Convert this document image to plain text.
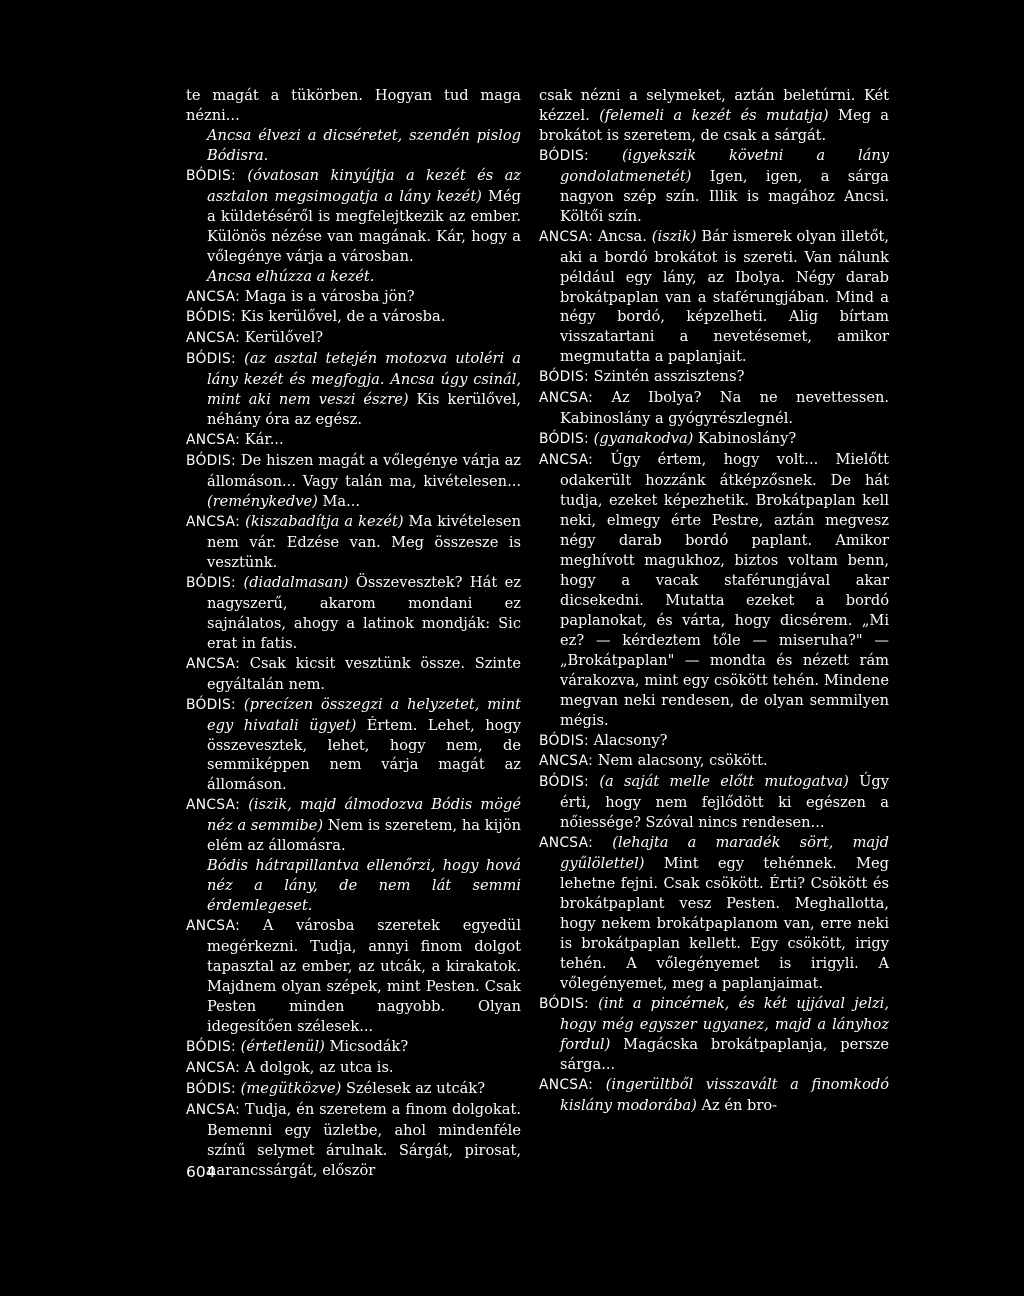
te magát a tükörben. Hogyan tud maga nézni...
Ancsa élvezi a dicséretet, szendén pislog Bódisra.
BÓDIS: (óvatosan kinyújtja a kezét és az asztalon megsimogatja a lány kezét) Még a küldetéséről is megfelejtkezik az ember. Különös nézése van magának. Kár, hogy a vőlegénye várja a városban.
Ancsa elhúzza a kezét.
ANCSA: Maga is a városba jön?
BÓDIS: Kis kerülővel, de a városba.
ANCSA: Kerülővel?
BÓDIS: (az asztal tetején motozva utoléri a lány kezét és megfogja. Ancsa úgy csinál, mint aki nem veszi észre) Kis kerülővel, néhány óra az egész.
ANCSA: Kár...
BÓDIS: De hiszen magát a vőlegénye várja az állomáson... Vagy talán ma, kivételesen... (reménykedve) Ma...
ANCSA: (kiszabadítja a kezét) Ma kivételesen nem vár. Edzése van. Meg összesze is vesztünk.
BÓDIS: (diadalmasan) Összevesztek? Hát ez nagyszerű, akarom mondani ez sajnálatos, ahogy a latinok mondják: Sic erat in fatis.
ANCSA: Csak kicsit vesztünk össze. Szinte egyáltalán nem.
BÓDIS: (precízen összegzi a helyzetet, mint egy hivatali ügyet) Értem. Lehet, hogy összevesztek, lehet, hogy nem, de semmiképpen nem várja magát az állomáson.
ANCSA: (iszik, majd álmodozva Bódis mögé néz a semmibe) Nem is szeretem, ha kijön elém az állomásra.
Bódis hátrapillantva ellenőrzi, hogy hová néz a lány, de nem lát semmi érdemlegeset.
ANCSA: A városba szeretek egyedül megérkezni. Tudja, annyi finom dolgot tapasztal az ember, az utcák, a kirakatok. Majdnem olyan szépek, mint Pesten. Csak Pesten minden nagyobb. Olyan idegesítően szélesek...
BÓDIS: (értetlenül) Micsodák?
ANCSA: A dolgok, az utca is.
BÓDIS: (megütközve) Szélesek az utcák?
ANCSA: Tudja, én szeretem a finom dolgokat. Bemenni egy üzletbe, ahol mindenféle színű selymet árulnak. Sárgát, pirosat, narancssárgát, először
csak nézni a selymeket, aztán beletúrni. Két kézzel. (felemeli a kezét és mutatja) Meg a brokátot is szeretem, de csak a sárgát.
BÓDIS: (igyekszik követni a lány gondolatmenetét) Igen, igen, a sárga nagyon szép szín. Illik is magához Ancsi. Költői szín.
ANCSA: Ancsa. (iszik) Bár ismerek olyan illetőt, aki a bordó brokátot is szereti. Van nálunk például egy lány, az Ibolya. Négy darab brokátpaplan van a staférungjában. Mind a négy bordó, képzelheti. Alig bírtam visszatartani a nevetésemet, amikor megmutatta a paplanjait.
BÓDIS: Szintén asszisztens?
ANCSA: Az Ibolya? Na ne nevettessen. Kabinoslány a gyógyrészlegnél.
BÓDIS: (gyanakodva) Kabinoslány?
ANCSA: Úgy értem, hogy volt... Mielőtt odakerült hozzánk átképzősnek. De hát tudja, ezeket képezhetik. Brokátpaplan kell neki, elmegy érte Pestre, aztán megvesz négy darab bordó paplant. Amikor meghívott magukhoz, biztos voltam benn, hogy a vacak staférungjával akar dicsekedni. Mutatta ezeket a bordó paplanokat, és várta, hogy dicsérem. „Mi ez? — kérdeztem tőle — miseruha?" — „Brokátpaplan" — mondta és nézett rám várakozva, mint egy csökött tehén. Mindene megvan neki rendesen, de olyan semmilyen mégis.
BÓDIS: Alacsony?
ANCSA: Nem alacsony, csökött.
BÓDIS: (a saját melle előtt mutogatva) Úgy érti, hogy nem fejlődött ki egészen a nőiessége? Szóval nincs rendesen...
ANCSA: (lehajta a maradék sört, majd gyűlölettel) Mint egy tehénnek. Meg lehetne fejni. Csak csökött. Érti? Csökött és brokátpaplant vesz Pesten. Meghallotta, hogy nekem brokátpaplanom van, erre neki is brokátpaplan kellett. Egy csökött, irigy tehén. A vőlegényemet is irigyli. A vőlegényemet, meg a paplanjaimat.
BÓDIS: (int a pincérnek, és két ujjával jelzi, hogy még egyszer ugyanez, majd a lányhoz fordul) Magácska brokátpaplanja, persze sárga...
ANCSA: (ingerültből visszavált a finomkodó kislány modorába) Az én bro-
604
